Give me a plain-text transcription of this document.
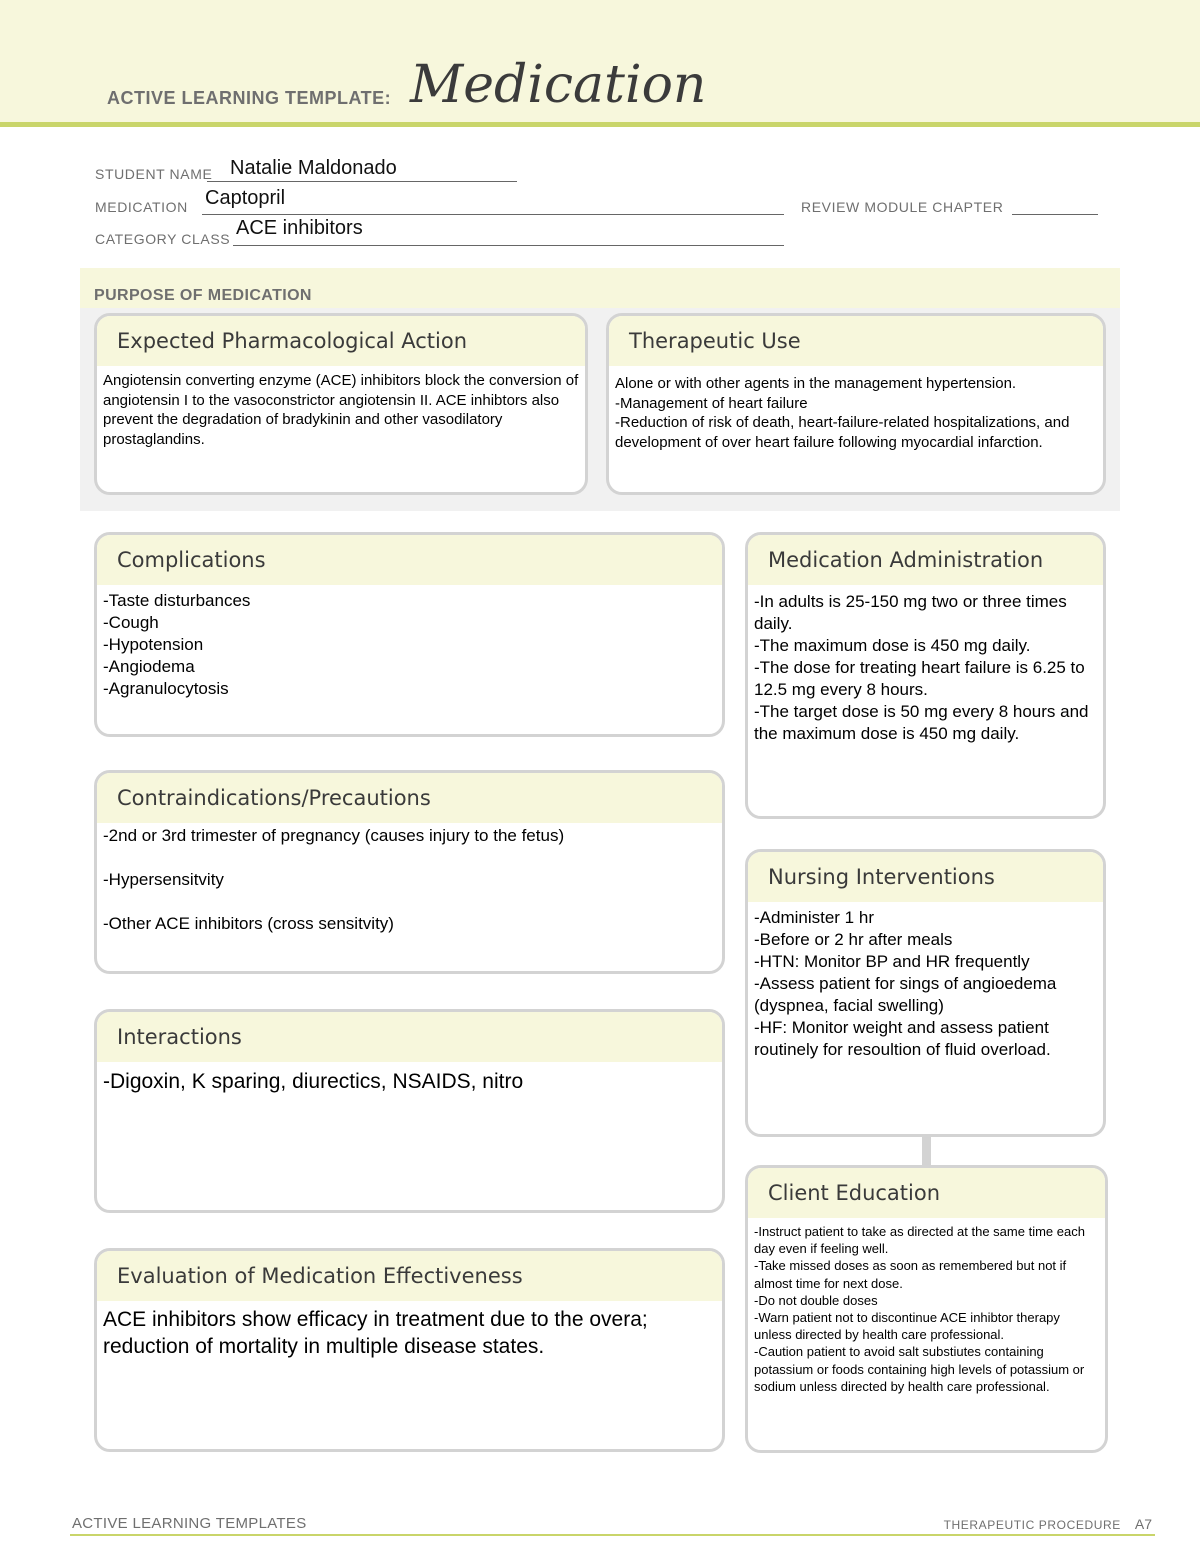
ACTIVE LEARNING TEMPLATE: Medication
STUDENT NAME Natalie Maldonado
MEDICATION Captopril	REVIEW MODULE CHAPTER
CATEGORY CLASS ACE inhibitors
PURPOSE OF MEDICATION
Expected Pharmacological Action
Angiotensin converting enzyme (ACE) inhibitors block the conversion of angiotensin I to the vasoconstrictor angiotensin II. ACE inhibtors also prevent the degradation of bradykinin and other vasodilatory prostaglandins.
Therapeutic Use
Alone or with other agents in the management hypertension.
-Management of heart failure
-Reduction of risk of death, heart-failure-related hospitalizations, and development of over heart failure following myocardial infarction.
Complications
-Taste disturbances
-Cough
-Hypotension
-Angiodema
-Agranulocytosis
Contraindications/Precautions
-2nd or 3rd trimester of pregnancy (causes injury to the fetus)

-Hypersensitvity

-Other ACE inhibitors (cross sensitvity)
Interactions
-Digoxin, K sparing, diurectics, NSAIDS, nitro
Evaluation of Medication Effectiveness
ACE inhibitors show efficacy in treatment due to the overa; reduction of mortality in multiple disease states.
Medication Administration
-In adults is 25-150 mg two or three times daily.
-The maximum dose is 450 mg daily.
-The dose for treating heart failure is 6.25 to 12.5 mg every 8 hours.
-The target dose is 50 mg every 8 hours and the maximum dose is 450 mg daily.
Nursing Interventions
-Administer 1 hr
-Before or 2 hr after meals
-HTN: Monitor BP and HR frequently
-Assess patient for sings of angioedema (dyspnea, facial swelling)
-HF: Monitor weight and assess patient routinely for resoultion of fluid overload.
Client Education
-Instruct patient to take as directed at the same time each day even if feeling well.
-Take missed doses as soon as remembered but not if almost time for next dose.
-Do not double doses
-Warn patient not to discontinue ACE inhibtor therapy unless directed by health care professional.
-Caution patient to avoid salt substiutes containing potassium or foods containing high levels of potassium or sodium unless directed by health care professional.
ACTIVE LEARNING TEMPLATES	THERAPEUTIC PROCEDURE A7
